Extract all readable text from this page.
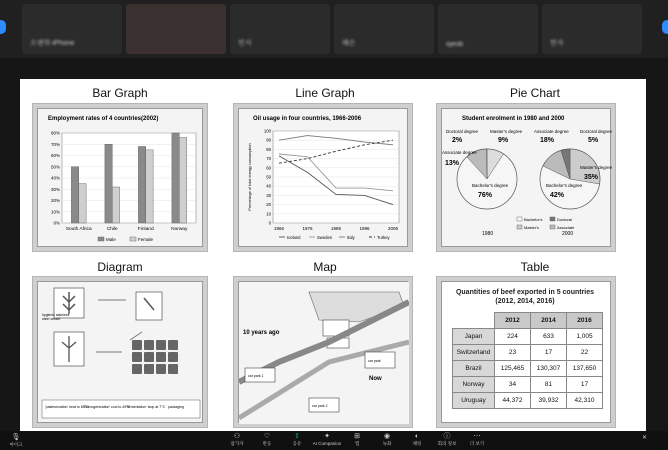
오랜학-iPhone	빈서	혜은	ojeob	한자
Bar Graph	Line Graph	Pie Chart
Diagram	Map	Table
Employment rates of 4 countries(2002)
0%
10%
20%
30%
40%
50%
60%
70%
80%
South Africa	Chile	Finland	Norway
Male	Female
Oil usage in four countries, 1966-2006
0
10
20
30
40
50
60
70
80
90
100
Percentage of total energy consumption
1966	1976	1986	1996	2006
Iceland	Sweden	Italy	Turkey
Student enrolment in 1980 and 2000
Doctoral degree
2%
Master's degree
9%
Associate degree
13%
Bachelor's degree
76%
1980
Associate degree
18%
Doctoral degree
5%
Master's degree
35%
Bachelor's degree
42%
2000
Bachelor's
Master's
Doctoral
Associate
hygienic stainless
steel vessel
'pasteurization' heat to 85°C
'homogenization' cool to 40°C
'fermentation' stop at 7°C packaging
10 years ago
Now
car park 1
car park 2
car park
Quantities of beef exported in 5 countries (2012, 2014, 2016)
	2012	2014	2016
Japan	224	633	1,005
Switzerland	23	17	22
Brazil	125,465	130,307	137,650
Norway	34	81	17
Uruguay	44,372	39,932	42,310
🎙
마이크
⚇
참가자
♡
반응
⇧
공유
✦
AI Companion
⊞
앱
◉
녹화
◐
채팅
ⓘ
회의 정보
⋯
더 보기
✕
